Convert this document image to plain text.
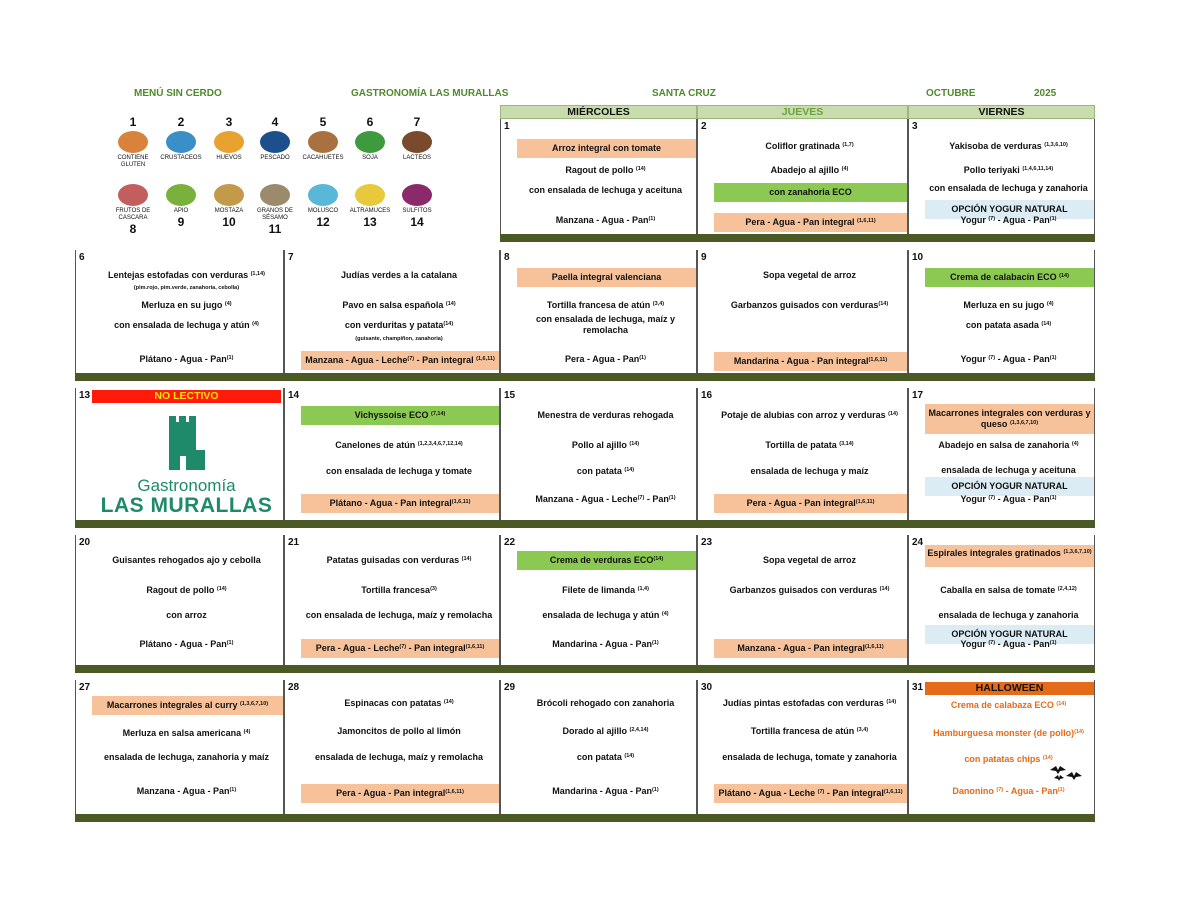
MENÚ SIN CERDO	GASTRONOMÍA LAS MURALLAS	SANTA CRUZ	OCTUBRE	2025
MIÉRCOLES	JUEVES	VIERNES
1
CONTIENE GLUTEN
2
CRUSTACEOS
3
HUEVOS
4
PESCADO
5
CACAHUETES
6
SOJA
7
LACTEOS
FRUTOS DE CASCARA
8
APIO
9
MOSTAZA
10
GRANOS DE SÉSAMO
11
MOLUSCO
12
ALTRAMUCES
13
SULFITOS
14
1
Arroz integral con tomate
Ragout de pollo $^{(14)}$
con ensalada de lechuga y aceituna
Manzana - Agua - Pan$^{(1)}$
2
Coliflor gratinada $^{(1,7)}$
Abadejo al ajillo $^{(4)}$
con zanahoria ECO
Pera - Agua - Pan integral $^{(1,6,11)}$
3
Yakisoba de verduras $^{(1,3,6,10)}$
Pollo teriyaki $^{(1,4,6,11,14)}$
con ensalada de lechuga y zanahoria
OPCIÓN YOGUR NATURAL
Yogur $^{(7)}$ - Agua - Pan$^{(1)}$
6
Lentejas estofadas con verduras $^{(1,14)}$
(pim.rojo, pim.verde, zanahoria, cebolla)
Merluza en su jugo $^{(4)}$
con ensalada de lechuga y atún $^{(4)}$
Plátano - Agua - Pan$^{(1)}$
7
Judías verdes a la catalana
Pavo en salsa española $^{(14)}$
con verduritas y patata$^{(14)}$
(guisante, champiñon, zanahoria)
Manzana - Agua - Leche$^{(7)}$ - Pan integral $^{(1,6,11)}$
8
Paella integral valenciana
Tortilla francesa de atún $^{(3,4)}$
con ensalada de lechuga, maíz y remolacha
Pera - Agua - Pan$^{(1)}$
9
Sopa vegetal de arroz
Garbanzos guisados con verduras$^{(14)}$
Mandarina - Agua - Pan integral$^{(1,6,11)}$
10
Crema de calabacín ECO $^{(14)}$
Merluza en su jugo $^{(4)}$
con patata asada $^{(14)}$
Yogur $^{(7)}$ - Agua - Pan$^{(1)}$
13	NO LECTIVO
Gastronomía
LAS MURALLAS
14
Vichyssoise ECO $^{(7,14)}$
Canelones de atún $^{(1,2,3,4,6,7,12,14)}$
con ensalada de lechuga y tomate
Plátano - Agua - Pan integral$^{(1,6,11)}$
15
Menestra de verduras rehogada
Pollo al ajillo $^{(14)}$
con patata $^{(14)}$
Manzana - Agua - Leche$^{(7)}$ - Pan$^{(1)}$
16
Potaje de alubias con arroz y verduras $^{(14)}$
Tortilla de patata $^{(3,14)}$
ensalada de lechuga y maíz
Pera - Agua - Pan integral$^{(1,6,11)}$
17
Macarrones integrales con verduras y queso $^{(1,3,6,7,10)}$
Abadejo en salsa de zanahoria $^{(4)}$
ensalada de lechuga y aceituna
OPCIÓN YOGUR NATURAL
Yogur $^{(7)}$ - Agua - Pan$^{(1)}$
20
Guisantes rehogados ajo y cebolla
Ragout de pollo $^{(14)}$
con arroz
Plátano - Agua - Pan$^{(1)}$
21
Patatas guisadas con verduras $^{(14)}$
Tortilla francesa$^{(3)}$
con ensalada de lechuga, maíz y remolacha
Pera - Agua - Leche$^{(7)}$ - Pan integral$^{(1,6,11)}$
22
Crema de verduras ECO$^{(14)}$
Filete de limanda $^{(1,4)}$
ensalada de lechuga y atún $^{(4)}$
Mandarina - Agua - Pan$^{(1)}$
23
Sopa vegetal de arroz
Garbanzos guisados con verduras $^{(14)}$
Manzana - Agua - Pan integral$^{(1,6,11)}$
24
Espirales integrales gratinados $^{(1,3,6,7,10)}$
Caballa en salsa de tomate $^{(2,4,12)}$
ensalada de lechuga y zanahoria
OPCIÓN YOGUR NATURAL
Yogur $^{(7)}$ - Agua - Pan$^{(1)}$
27
Macarrones integrales al curry $^{(1,3,6,7,10)}$
Merluza en salsa americana $^{(4)}$
ensalada de lechuga, zanahoria y maíz
Manzana - Agua - Pan$^{(1)}$
28
Espinacas con patatas $^{(14)}$
Jamoncitos de pollo al limón
ensalada de lechuga, maíz y remolacha
Pera - Agua - Pan integral$^{(1,6,11)}$
29
Brócoli rehogado con zanahoria
Dorado al ajillo $^{(2,4,14)}$
con patata $^{(14)}$
Mandarina - Agua - Pan$^{(1)}$
30
Judías pintas estofadas con verduras $^{(14)}$
Tortilla francesa de atún $^{(3,4)}$
ensalada de lechuga, tomate y zanahoria
Plátano - Agua - Leche $^{(7)}$ - Pan integral$^{(1,6,11)}$
31	HALLOWEEN
Crema de calabaza ECO $^{(14)}$
Hamburguesa monster (de pollo)$^{(14)}$
con patatas chips $^{(14)}$
Danonino $^{(7)}$ - Agua - Pan$^{(1)}$
